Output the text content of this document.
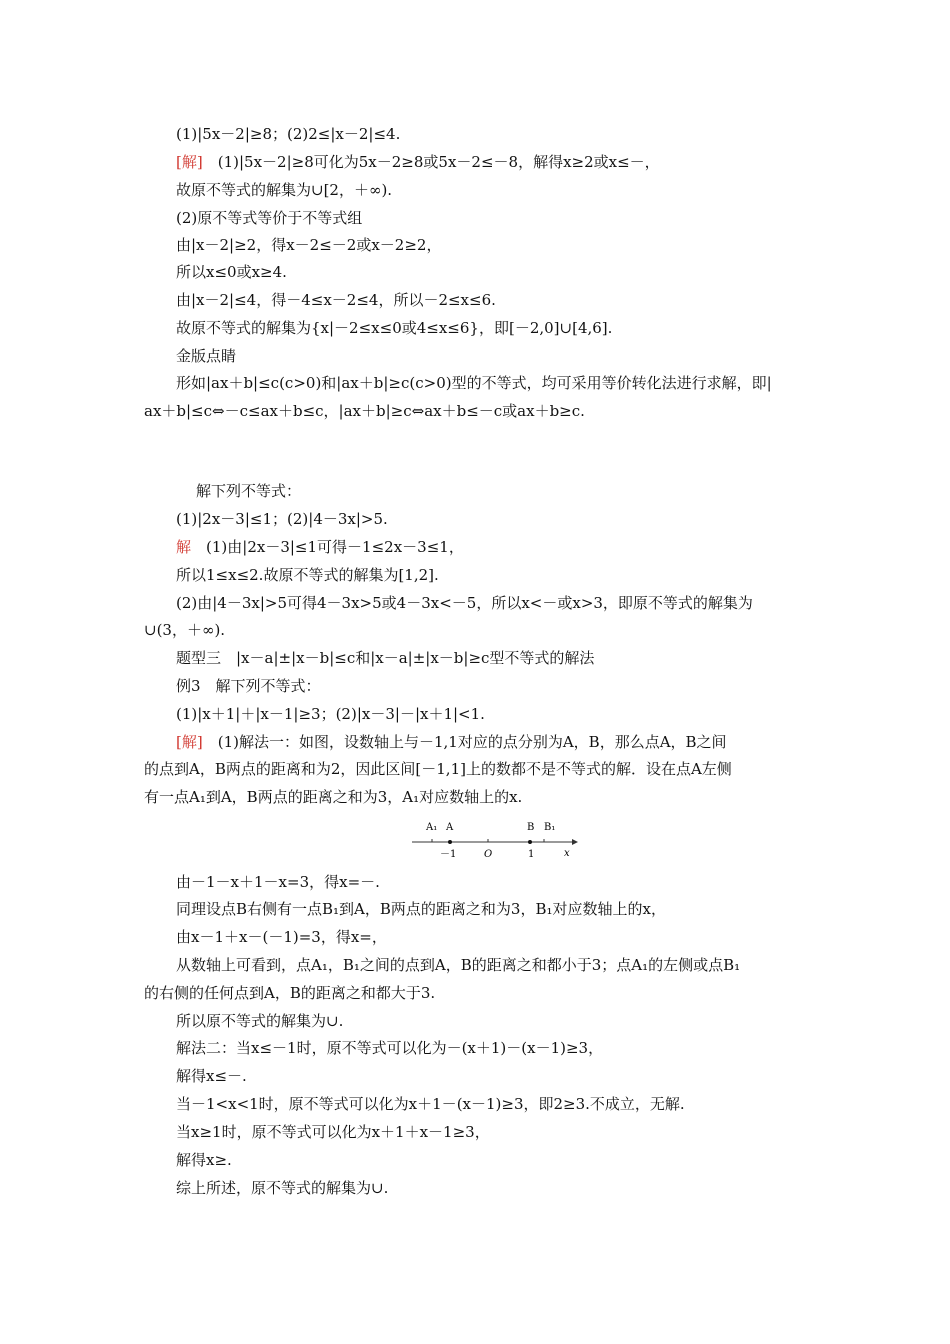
(1)|5x－2|≥8；(2)2≤|x－2|≤4.
[解]　 (1)|5x－2|≥8可化为5x－2≥8或5x－2≤－8，解得x≥2或x≤－，
故原不等式的解集为∪[2，＋∞).
(2)原不等式等价于不等式组
由|x－2|≥2，得x－2≤－2或x－2≥2，
所以x≤0或x≥4.
由|x－2|≤4，得－4≤x－2≤4，所以－2≤x≤6.
故原不等式的解集为{x|－2≤x≤0或4≤x≤6}，即[－2,0]∪[4,6].
金版点睛
形如|ax＋b|≤c(c>0)和|ax＋b|≥c(c>0)型的不等式，均可采用等价转化法进行求解，即|
ax＋b|≤c⇔－c≤ax＋b≤c，|ax＋b|≥c⇔ax＋b≤－c或ax＋b≥c.
解下列不等式：
(1)|2x－3|≤1；(2)|4－3x|>5.
解　 (1)由|2x－3|≤1可得－1≤2x－3≤1，
所以1≤x≤2.故原不等式的解集为[1,2].
(2)由|4－3x|>5可得4－3x>5或4－3x<－5，所以x<－或x>3，即原不等式的解集为
∪(3，＋∞).
题型三　|x－a|±|x－b|≤c和|x－a|±|x－b|≥c型不等式的解法
例3　解下列不等式：
(1)|x＋1|＋|x－1|≥3；(2)|x－3|－|x＋1|<1.
[解]　 (1)解法一：如图，设数轴上与－1,1对应的点分别为A，B，那么点A，B之间
的点到A，B两点的距离和为2，因此区间[－1,1]上的数都不是不等式的解．设在点A左侧
有一点A₁到A，B两点的距离之和为3，A₁对应数轴上的x.
A₁ A	B B₁
－1	O	1	x
由－1－x＋1－x=3，得x=－.
同理设点B右侧有一点B₁到A，B两点的距离之和为3，B₁对应数轴上的x，
由x－1＋x－(－1)=3，得x=，
从数轴上可看到，点A₁，B₁之间的点到A，B的距离之和都小于3；点A₁的左侧或点B₁
的右侧的任何点到A，B的距离之和都大于3.
所以原不等式的解集为∪.
解法二：当x≤－1时，原不等式可以化为－(x＋1)－(x－1)≥3，
解得x≤－.
当－1<x<1时，原不等式可以化为x＋1－(x－1)≥3，即2≥3.不成立，无解.
当x≥1时，原不等式可以化为x＋1＋x－1≥3，
解得x≥.
综上所述，原不等式的解集为∪.
